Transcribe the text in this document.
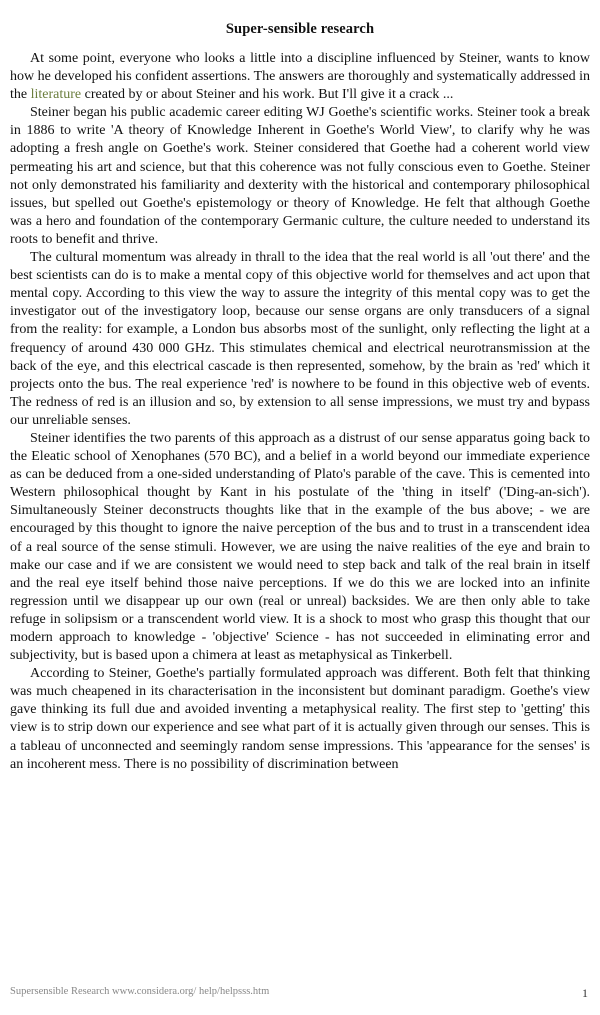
Super-sensible research

At some point, everyone who looks a little into a discipline influenced by Steiner, wants to know how he developed his confident assertions. The answers are thoroughly and systematically addressed in the literature created by or about Steiner and his work. But I'll give it a crack ...

Steiner began his public academic career editing WJ Goethe's scientific works. Steiner took a break in 1886 to write 'A theory of Knowledge Inherent in Goethe's World View', to clarify why he was adopting a fresh angle on Goethe's work. Steiner considered that Goethe had a coherent world view permeating his art and science, but that this coherence was not fully conscious even to Goethe. Steiner not only demonstrated his familiarity and dexterity with the historical and contemporary philosophical issues, but spelled out Goethe's epistemology or theory of Knowledge. He felt that although Goethe was a hero and foundation of the contemporary Germanic culture, the culture needed to understand its roots to benefit and thrive.

The cultural momentum was already in thrall to the idea that the real world is all 'out there' and the best scientists can do is to make a mental copy of this objective world for themselves and act upon that mental copy. According to this view the way to assure the integrity of this mental copy was to get the investigator out of the investigatory loop, because our sense organs are only transducers of a signal from the reality: for example, a London bus absorbs most of the sunlight, only reflecting the light at a frequency of around 430 000 GHz. This stimulates chemical and electrical neurotransmission at the back of the eye, and this electrical cascade is then represented, somehow, by the brain as 'red' which it projects onto the bus. The real experience 'red' is nowhere to be found in this objective web of events. The redness of red is an illusion and so, by extension to all sense impressions, we must try and bypass our unreliable senses.

Steiner identifies the two parents of this approach as a distrust of our sense apparatus going back to the Eleatic school of Xenophanes (570 BC), and a belief in a world beyond our immediate experience as can be deduced from a one-sided understanding of Plato's parable of the cave. This is cemented into Western philosophical thought by Kant in his postulate of the 'thing in itself' ('Ding-an-sich'). Simultaneously Steiner deconstructs thoughts like that in the example of the bus above; - we are encouraged by this thought to ignore the naive perception of the bus and to trust in a transcendent idea of a real source of the sense stimuli. However, we are using the naive realities of the eye and brain to make our case and if we are consistent we would need to step back and talk of the real brain in itself and the real eye itself behind those naive perceptions. If we do this we are locked into an infinite regression until we disappear up our own (real or unreal) backsides. We are then only able to take refuge in solipsism or a transcendent world view. It is a shock to most who grasp this thought that our modern approach to knowledge - 'objective' Science - has not succeeded in eliminating error and subjectivity, but is based upon a chimera at least as metaphysical as Tinkerbell.

According to Steiner, Goethe's partially formulated approach was different. Both felt that thinking was much cheapened in its characterisation in the inconsistent but dominant paradigm. Goethe's view gave thinking its full due and avoided inventing a metaphysical reality. The first step to 'getting' this view is to strip down our experience and see what part of it is actually given through our senses. This is a tableau of unconnected and seemingly random sense impressions. This 'appearance for the senses' is an incoherent mess. There is no possibility of discrimination between

Supersensible Research www.considera.org/ help/helpsss.htm	1
